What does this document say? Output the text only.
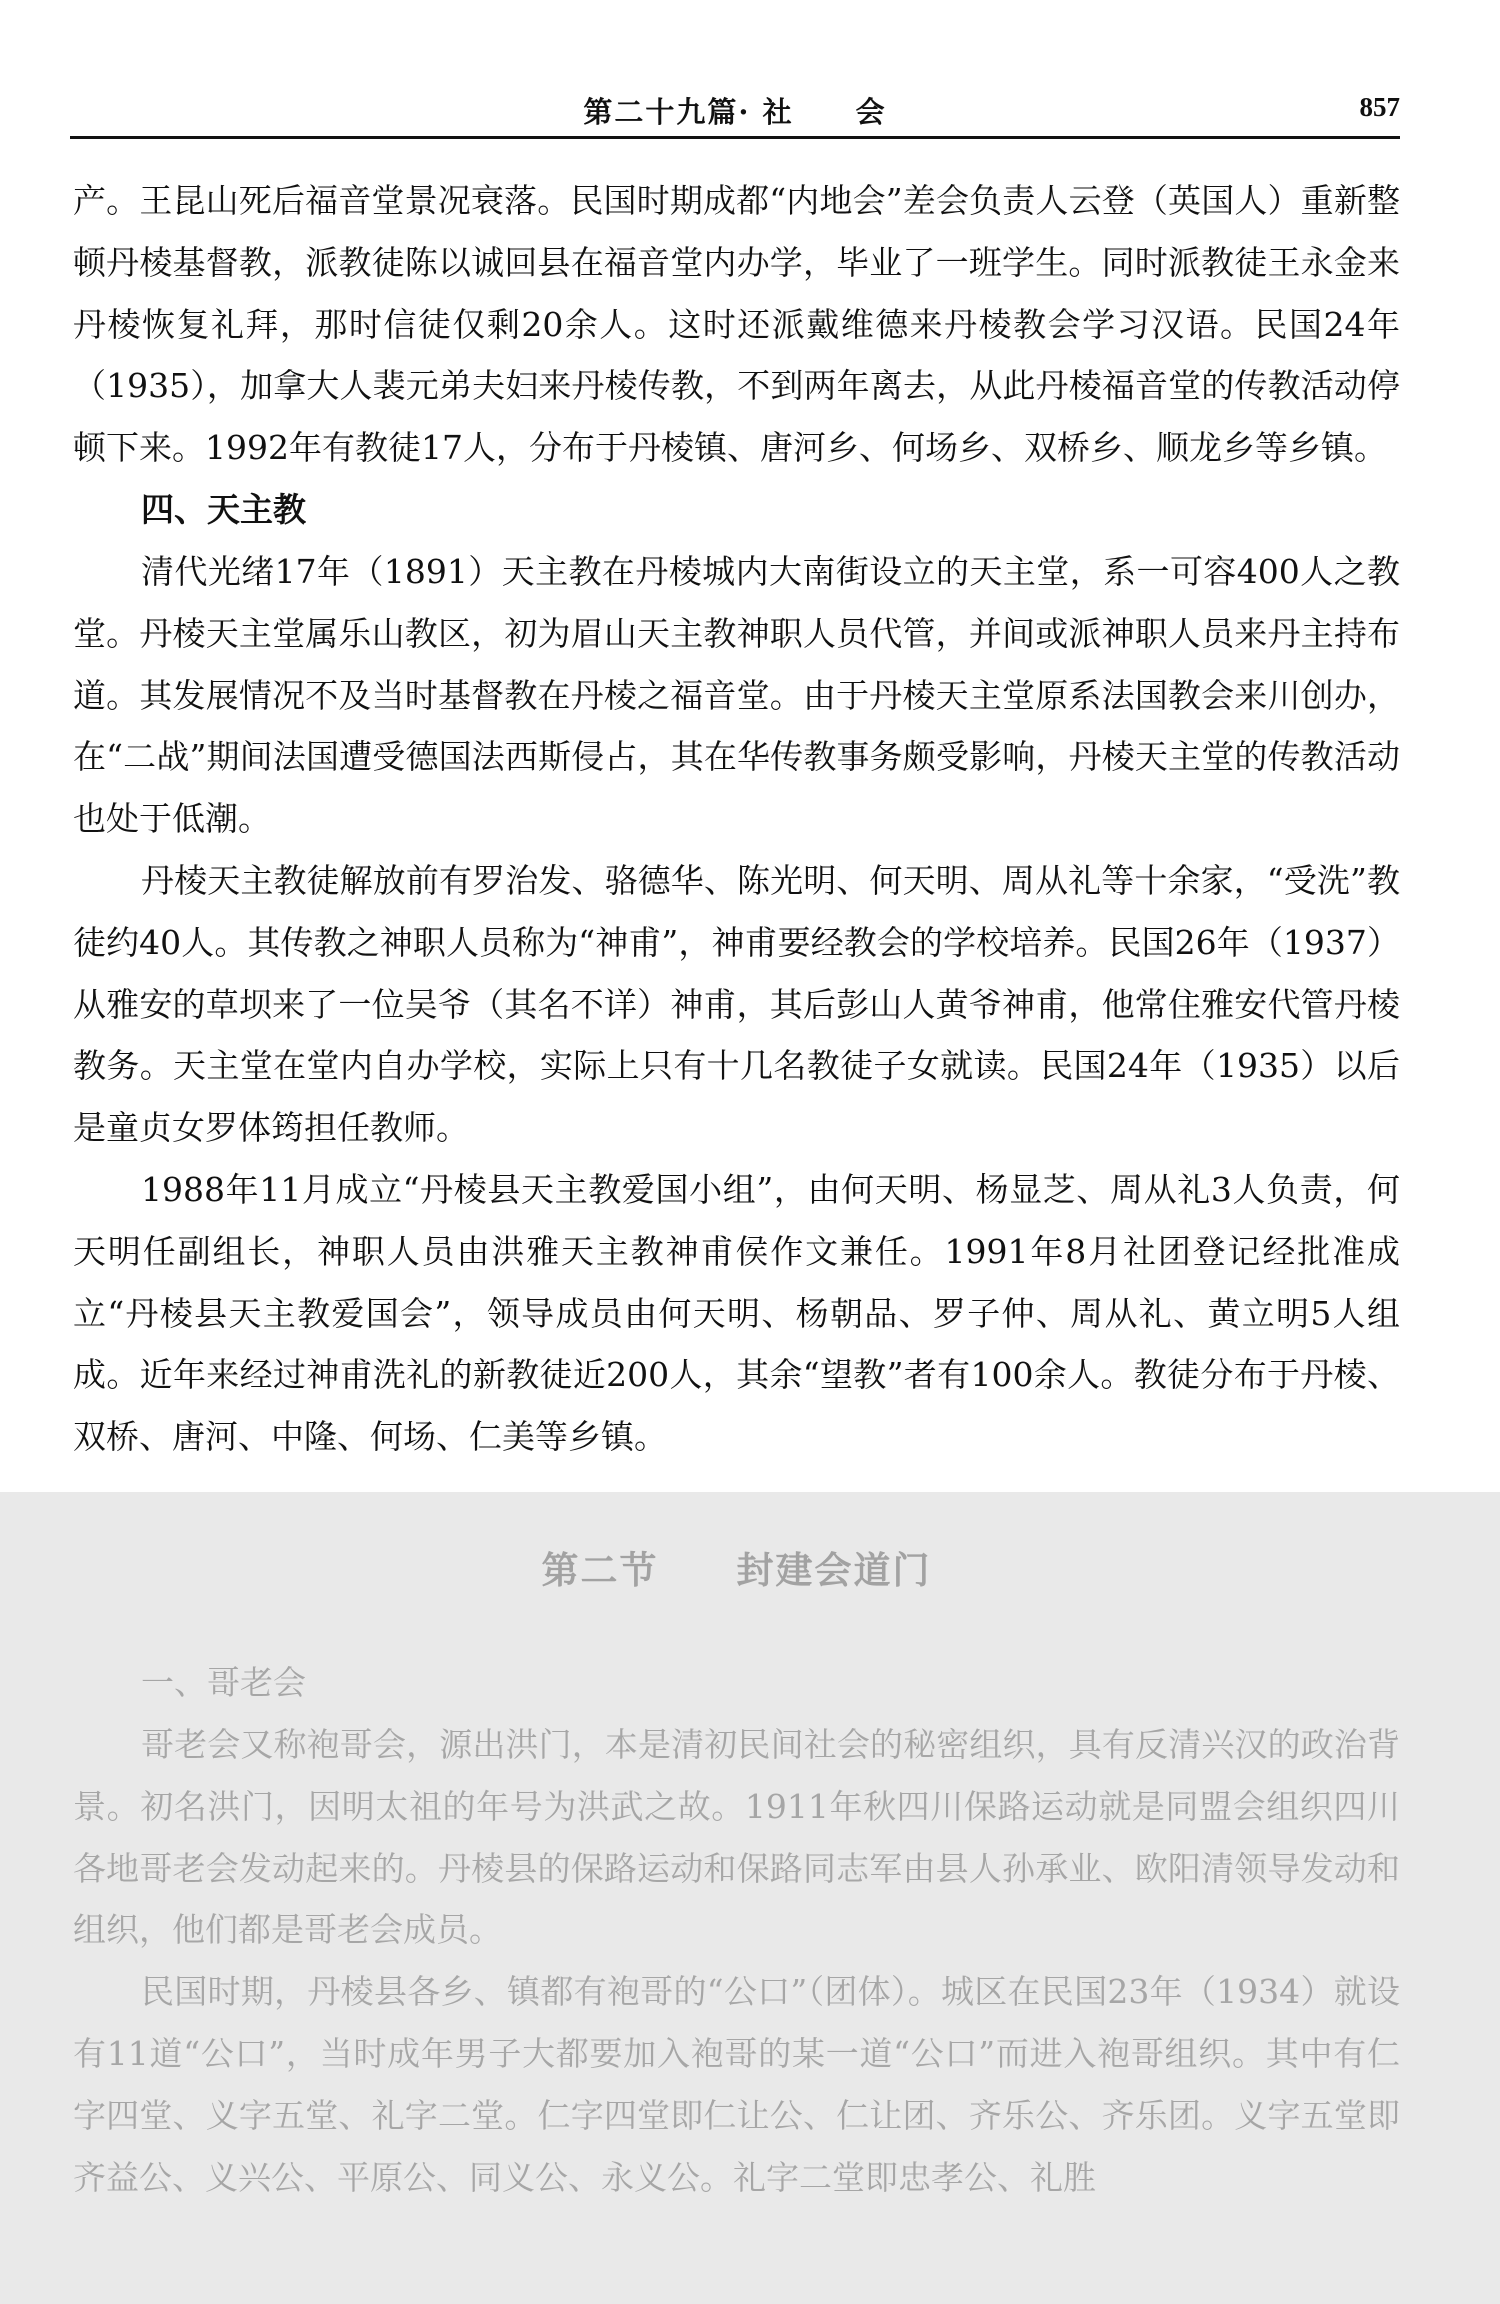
第二十九篇· 社　　会	857

产。王昆山死后福音堂景况衰落。民国时期成都“内地会”差会负责人云登（英国人）重新整顿丹棱基督教，派教徒陈以诚回县在福音堂内办学，毕业了一班学生。同时派教徒王永金来丹棱恢复礼拜，那时信徒仅剩20余人。这时还派戴维德来丹棱教会学习汉语。民国24年（1935），加拿大人裴元弟夫妇来丹棱传教，不到两年离去，从此丹棱福音堂的传教活动停顿下来。1992年有教徒17人，分布于丹棱镇、唐河乡、何场乡、双桥乡、顺龙乡等乡镇。

四、天主教

清代光绪17年（1891）天主教在丹棱城内大南街设立的天主堂，系一可容400人之教堂。丹棱天主堂属乐山教区，初为眉山天主教神职人员代管，并间或派神职人员来丹主持布道。其发展情况不及当时基督教在丹棱之福音堂。由于丹棱天主堂原系法国教会来川创办，在“二战”期间法国遭受德国法西斯侵占，其在华传教事务颇受影响，丹棱天主堂的传教活动也处于低潮。

丹棱天主教徒解放前有罗治发、骆德华、陈光明、何天明、周从礼等十余家，“受洗”教徒约40人。其传教之神职人员称为“神甫”，神甫要经教会的学校培养。民国26年（1937）从雅安的草坝来了一位吴爷（其名不详）神甫，其后彭山人黄爷神甫，他常住雅安代管丹棱教务。天主堂在堂内自办学校，实际上只有十几名教徒子女就读。民国24年（1935）以后是童贞女罗体筠担任教师。

1988年11月成立“丹棱县天主教爱国小组”，由何天明、杨显芝、周从礼3人负责，何天明任副组长，神职人员由洪雅天主教神甫侯作文兼任。1991年8月社团登记经批准成立“丹棱县天主教爱国会”，领导成员由何天明、杨朝品、罗子仲、周从礼、黄立明5人组成。近年来经过神甫洗礼的新教徒近200人，其余“望教”者有100余人。教徒分布于丹棱、双桥、唐河、中隆、何场、仁美等乡镇。

第二节　　封建会道门
一、哥老会

哥老会又称袍哥会，源出洪门，本是清初民间社会的秘密组织，具有反清兴汉的政治背景。初名洪门，因明太祖的年号为洪武之故。1911年秋四川保路运动就是同盟会组织四川各地哥老会发动起来的。丹棱县的保路运动和保路同志军由县人孙承业、欧阳清领导发动和组织，他们都是哥老会成员。

民国时期，丹棱县各乡、镇都有袍哥的“公口”（团体）。城区在民国23年（1934）就设有11道“公口”，当时成年男子大都要加入袍哥的某一道“公口”而进入袍哥组织。其中有仁字四堂、义字五堂、礼字二堂。仁字四堂即仁让公、仁让团、齐乐公、齐乐团。义字五堂即齐益公、义兴公、平原公、同义公、永义公。礼字二堂即忠孝公、礼胜
